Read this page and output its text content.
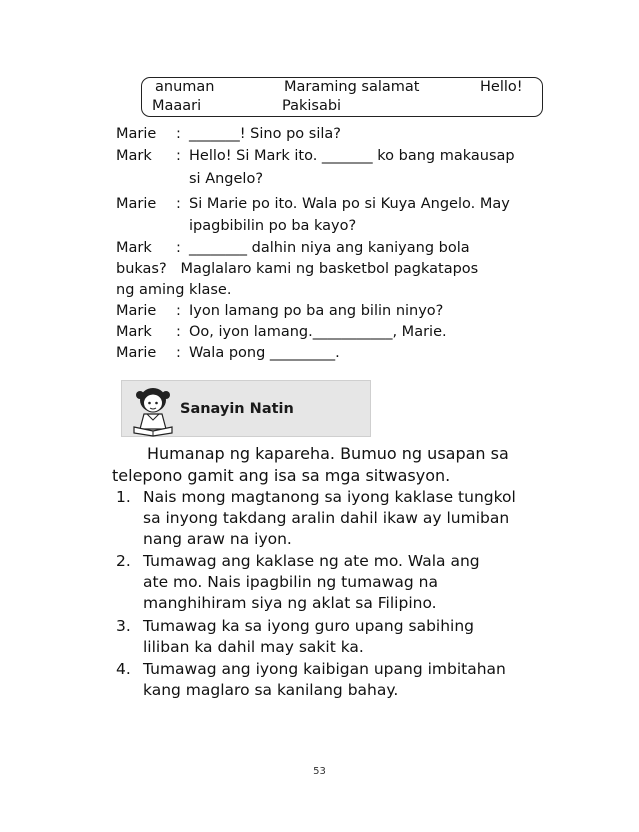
anuman	Maraming salamat	Hello!
Maaari	Pakisabi
Marie : _______! Sino po sila?
Mark : Hello! Si Mark ito. _______ ko bang makausap
si Angelo?
Marie : Si Marie po ito. Wala po si Kuya Angelo. May
ipagbibilin po ba kayo?
Mark : ________ dalhin niya ang kaniyang bola
bukas?   Maglalaro kami ng basketbol pagkatapos
ng aming klase.
Marie : Iyon lamang po ba ang bilin ninyo?
Mark : Oo, iyon lamang.___________, Marie.
Marie : Wala pong _________.
Sanayin Natin
Humanap ng kapareha. Bumuo ng usapan sa
telepono gamit ang isa sa mga sitwasyon.
1. Nais mong magtanong sa iyong kaklase tungkol
sa inyong takdang aralin dahil ikaw ay lumiban
nang araw na iyon.
2. Tumawag ang kaklase ng ate mo. Wala ang
ate mo. Nais ipagbilin ng tumawag na
manghihiram siya ng aklat sa Filipino.
3. Tumawag ka sa iyong guro upang sabihing
liliban ka dahil may sakit ka.
4. Tumawag ang iyong kaibigan upang imbitahan
kang maglaro sa kanilang bahay.
53
